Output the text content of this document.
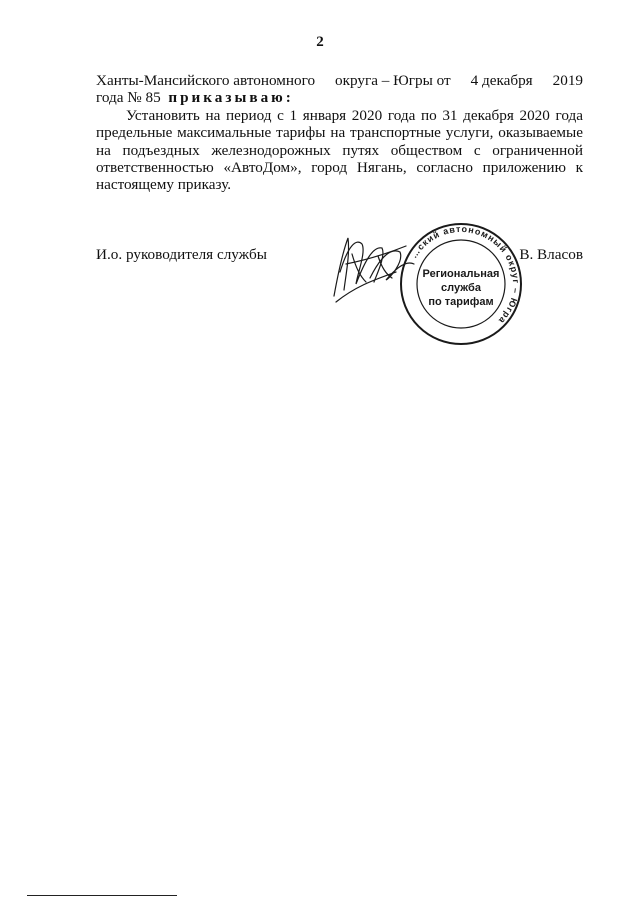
2
Ханты-Мансийского автономного округа – Югры от 4 декабря 2019
года № 85 приказываю:

Установить на период с 1 января 2020 года по 31 декабря 2020 года предельные максимальные тарифы на транспортные услуги, оказываемые на подъездных железнодорожных путях обществом с ограниченной ответственностью «АвтоДом», город Нягань, согласно приложению к настоящему приказу.

И.о. руководителя службы	…ский автономный округ – Югра
Региональная
служба
по тарифам
В. Власов
